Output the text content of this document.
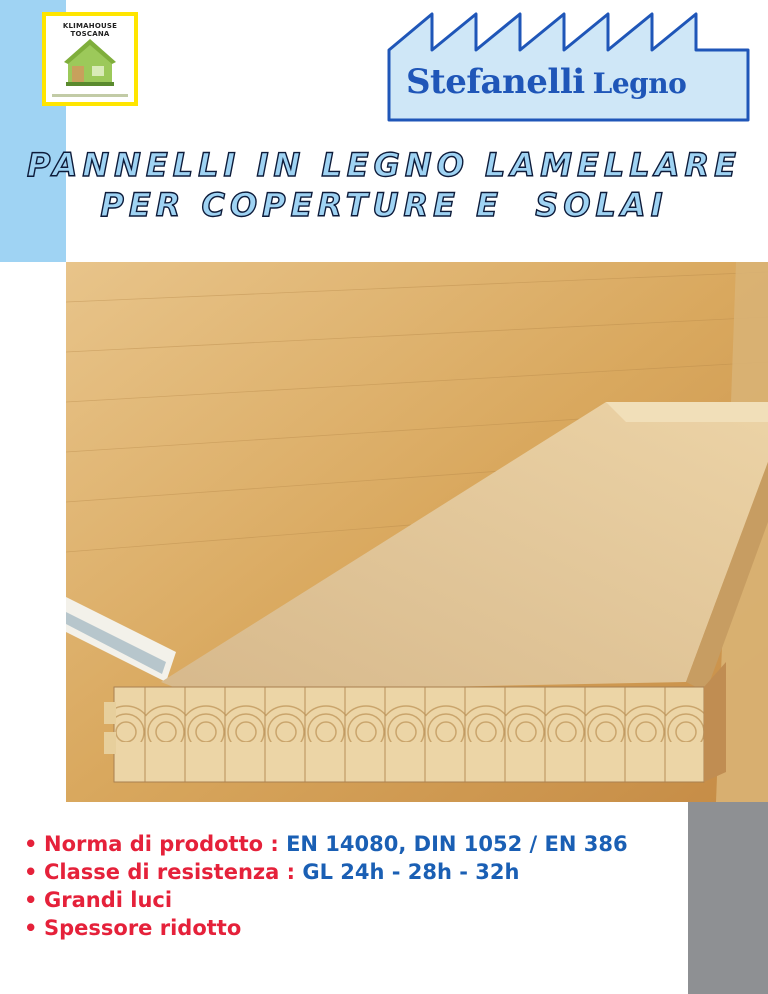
KLIMAHOUSE TOSCANA
Stefanelli Legno
PANNELLI IN LEGNO LAMELLARE
PER COPERTURE E  SOLAI
• Norma di prodotto : EN 14080, DIN 1052 / EN 386
• Classe di resistenza : GL 24h - 28h - 32h
• Grandi luci
• Spessore ridotto
